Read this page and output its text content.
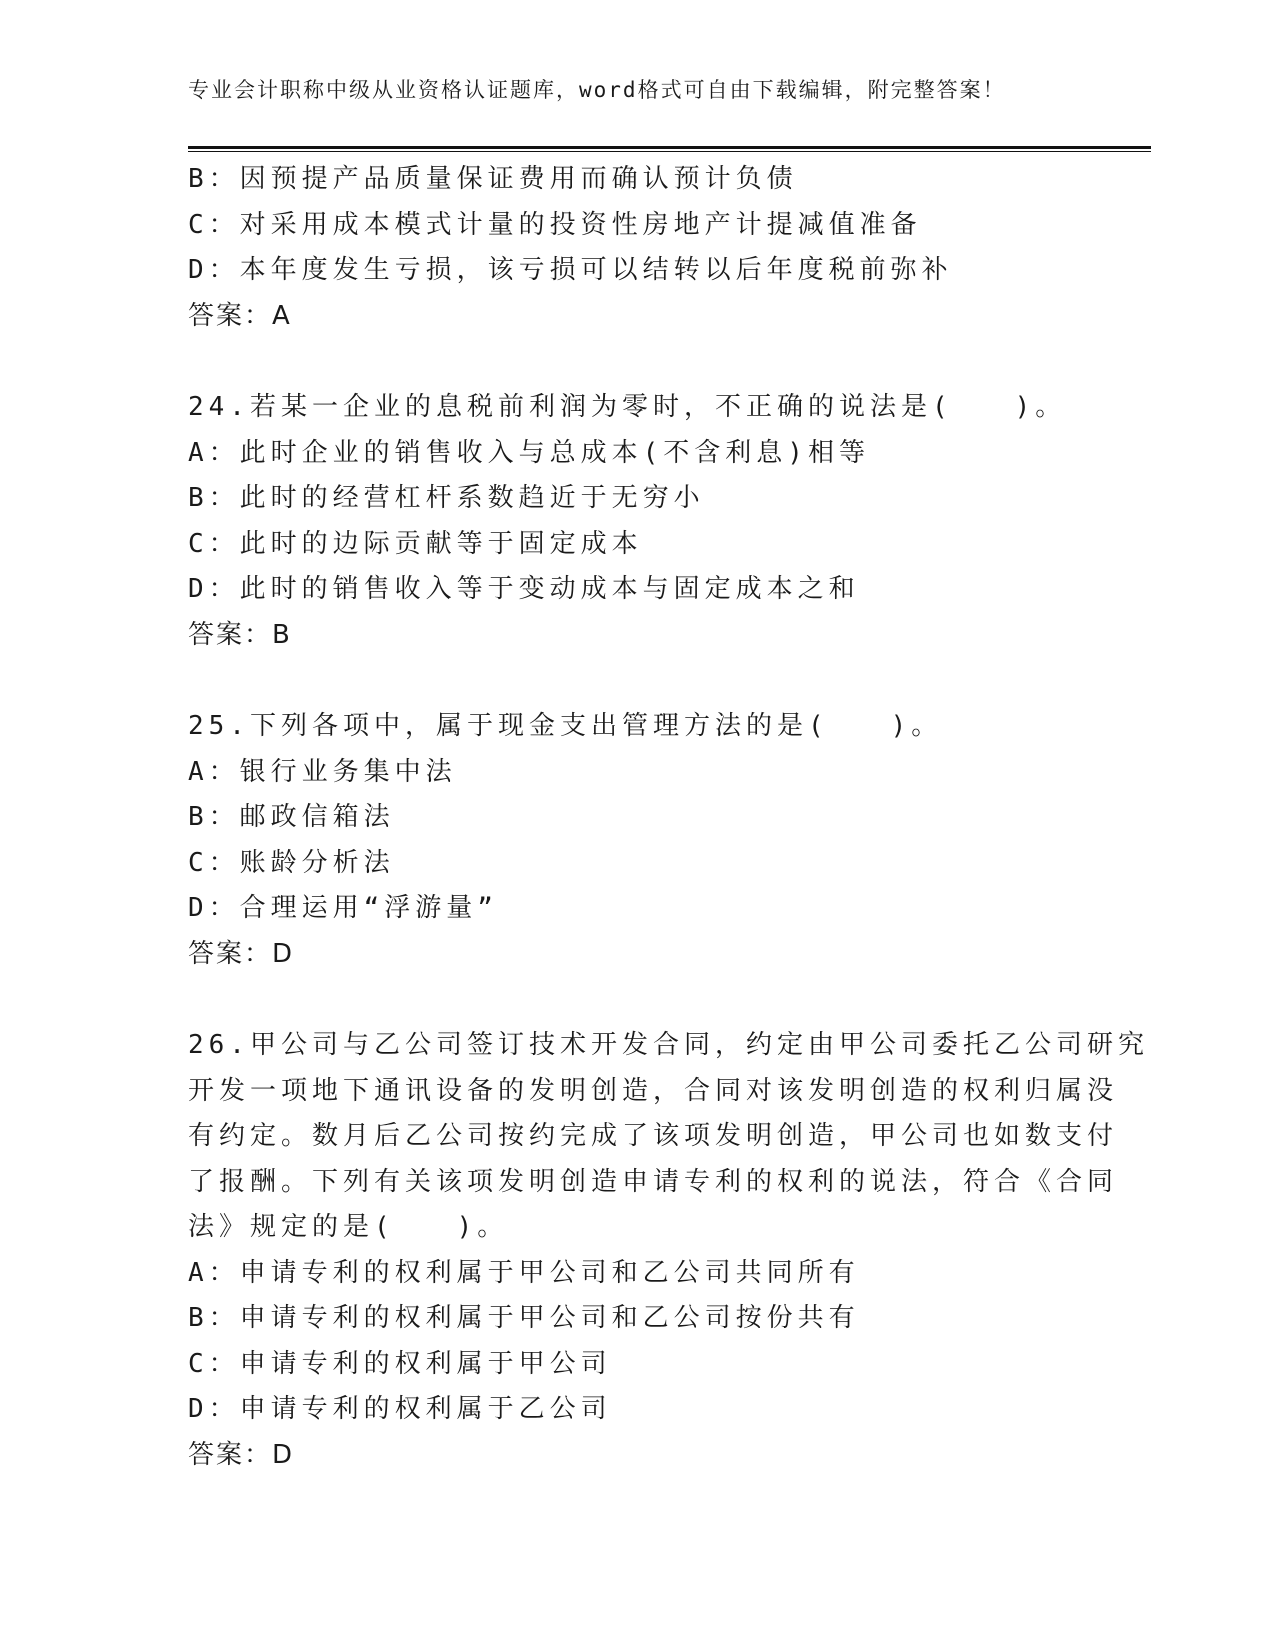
专业会计职称中级从业资格认证题库，word格式可自由下载编辑，附完整答案！
B：因预提产品质量保证费用而确认预计负债
C：对采用成本模式计量的投资性房地产计提减值准备
D：本年度发生亏损，该亏损可以结转以后年度税前弥补
答案：A
24.若某一企业的息税前利润为零时，不正确的说法是(　　)。
A：此时企业的销售收入与总成本(不含利息)相等
B：此时的经营杠杆系数趋近于无穷小
C：此时的边际贡献等于固定成本
D：此时的销售收入等于变动成本与固定成本之和
答案：B
25.下列各项中，属于现金支出管理方法的是(　　)。
A：银行业务集中法
B：邮政信箱法
C：账龄分析法
D：合理运用“浮游量”
答案：D
26.甲公司与乙公司签订技术开发合同，约定由甲公司委托乙公司研究
开发一项地下通讯设备的发明创造，合同对该发明创造的权利归属没
有约定。数月后乙公司按约完成了该项发明创造，甲公司也如数支付
了报酬。下列有关该项发明创造申请专利的权利的说法，符合《合同
法》规定的是(　　)。
A：申请专利的权利属于甲公司和乙公司共同所有
B：申请专利的权利属于甲公司和乙公司按份共有
C：申请专利的权利属于甲公司
D：申请专利的权利属于乙公司
答案：D
